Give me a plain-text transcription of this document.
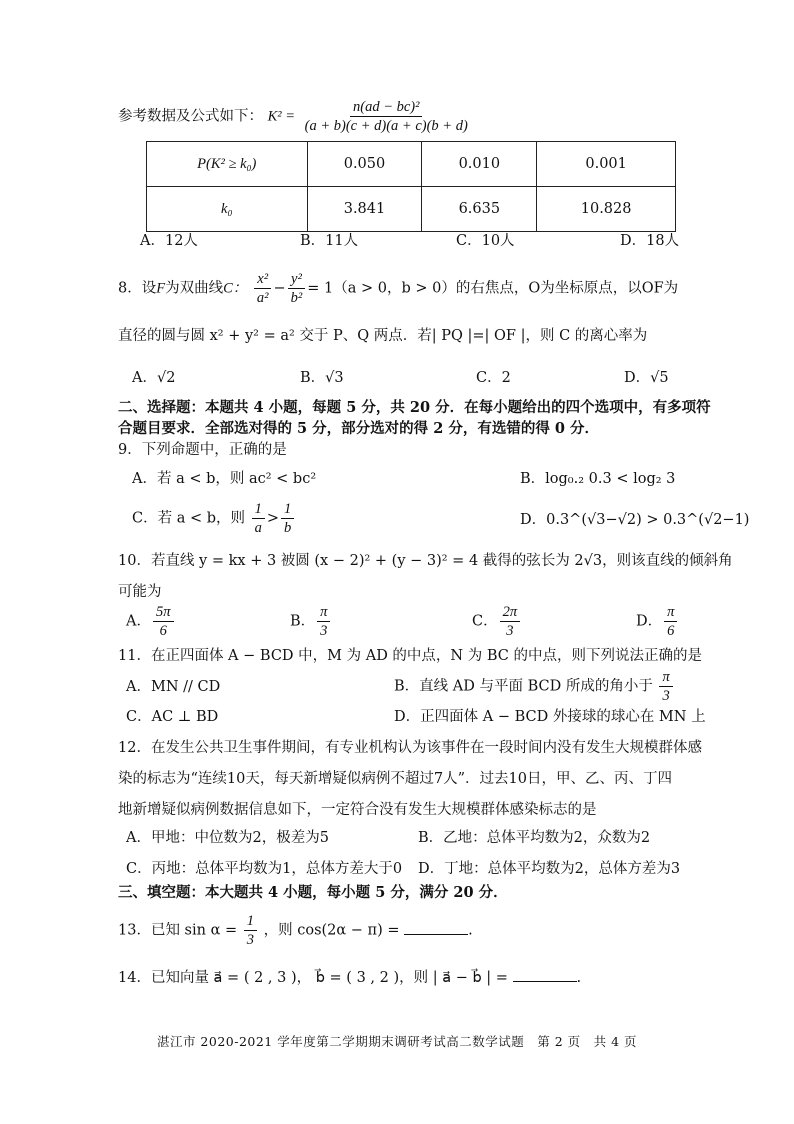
参考数据及公式如下： $K^2 = \frac{\text{n(ad − bc)²}}{(a + b)(c + d)(a + c)(b + d)}$
P(K² ≥ k₀)	0.050	0.010	0.001
k₀	3.841	6.635	10.828
A．12人	B．11人	C．10人	D．18人
8．设F为双曲线C： $\frac{\text{x²}}{\text{a²}} - \frac{\text{y²}}{\text{b²}} = 1(a > 0$，b > 0）的右焦点，O为坐标原点，以OF为
直径的圆与圆 x² + y² = a² 交于 P、Q 两点．若| PQ |=| OF |，则 C 的离心率为
A．√2	B．√3	C．2	D．√5
二、选择题：本题共 4 小题，每题 5 分，共 20 分．在每小题给出的四个选项中，有多项符
合题目要求．全部选对得的 5 分，部分选对的得 2 分，有选错的得 0 分．
9．下列命题中，正确的是
A．若 a < b，则 ac² < bc²	B．log₀.₂ 0.3 < log₂ 3
C．若 a < b，则 $\frac{1}{a} > \frac{1}{b}$	D．0.3^(√3−√2) > 0.3^(√2−1)
10．若直线 y = kx + 3 被圆 (x − 2)² + (y − 3)² = 4 截得的弦长为 2√3，则该直线的倾斜角
可能为
A． $\frac{5\pi}{6}$	B． $\frac{\pi}{3}$	C． $\frac{2\pi}{3}$	D． $\frac{\pi}{6}$
11．在正四面体 A − BCD 中，M 为 AD 的中点，N 为 BC 的中点，则下列说法正确的是
A．MN // CD	B．直线 AD 与平面 BCD 所成的角小于 $\frac{\pi}{3}$
C．AC ⊥ BD	D．正四面体 A − BCD 外接球的球心在 MN 上
12．在发生公共卫生事件期间，有专业机构认为该事件在一段时间内没有发生大规模群体感
染的标志为“连续10天，每天新增疑似病例不超过7人”．过去10日，甲、乙、丙、丁四
地新增疑似病例数据信息如下，一定符合没有发生大规模群体感染标志的是
A．甲地：中位数为2，极差为5	B．乙地：总体平均数为2，众数为2
C．丙地：总体平均数为1，总体方差大于0 D．丁地：总体平均数为2，总体方差为3
三、填空题：本大题共 4 小题，每小题 5 分，满分 20 分．
13．已知 $\sin \alpha = \frac{1}{3}$ ，则 cos(2α − π) =	.
14．已知向量 a⃗ = ( 2 , 3 )， b⃗ = ( 3 , 2 )，则 | a⃗ − b⃗ | =	.
湛江市 2020-2021 学年度第二学期期末调研考试高二数学试题　第 2 页　共 4 页
